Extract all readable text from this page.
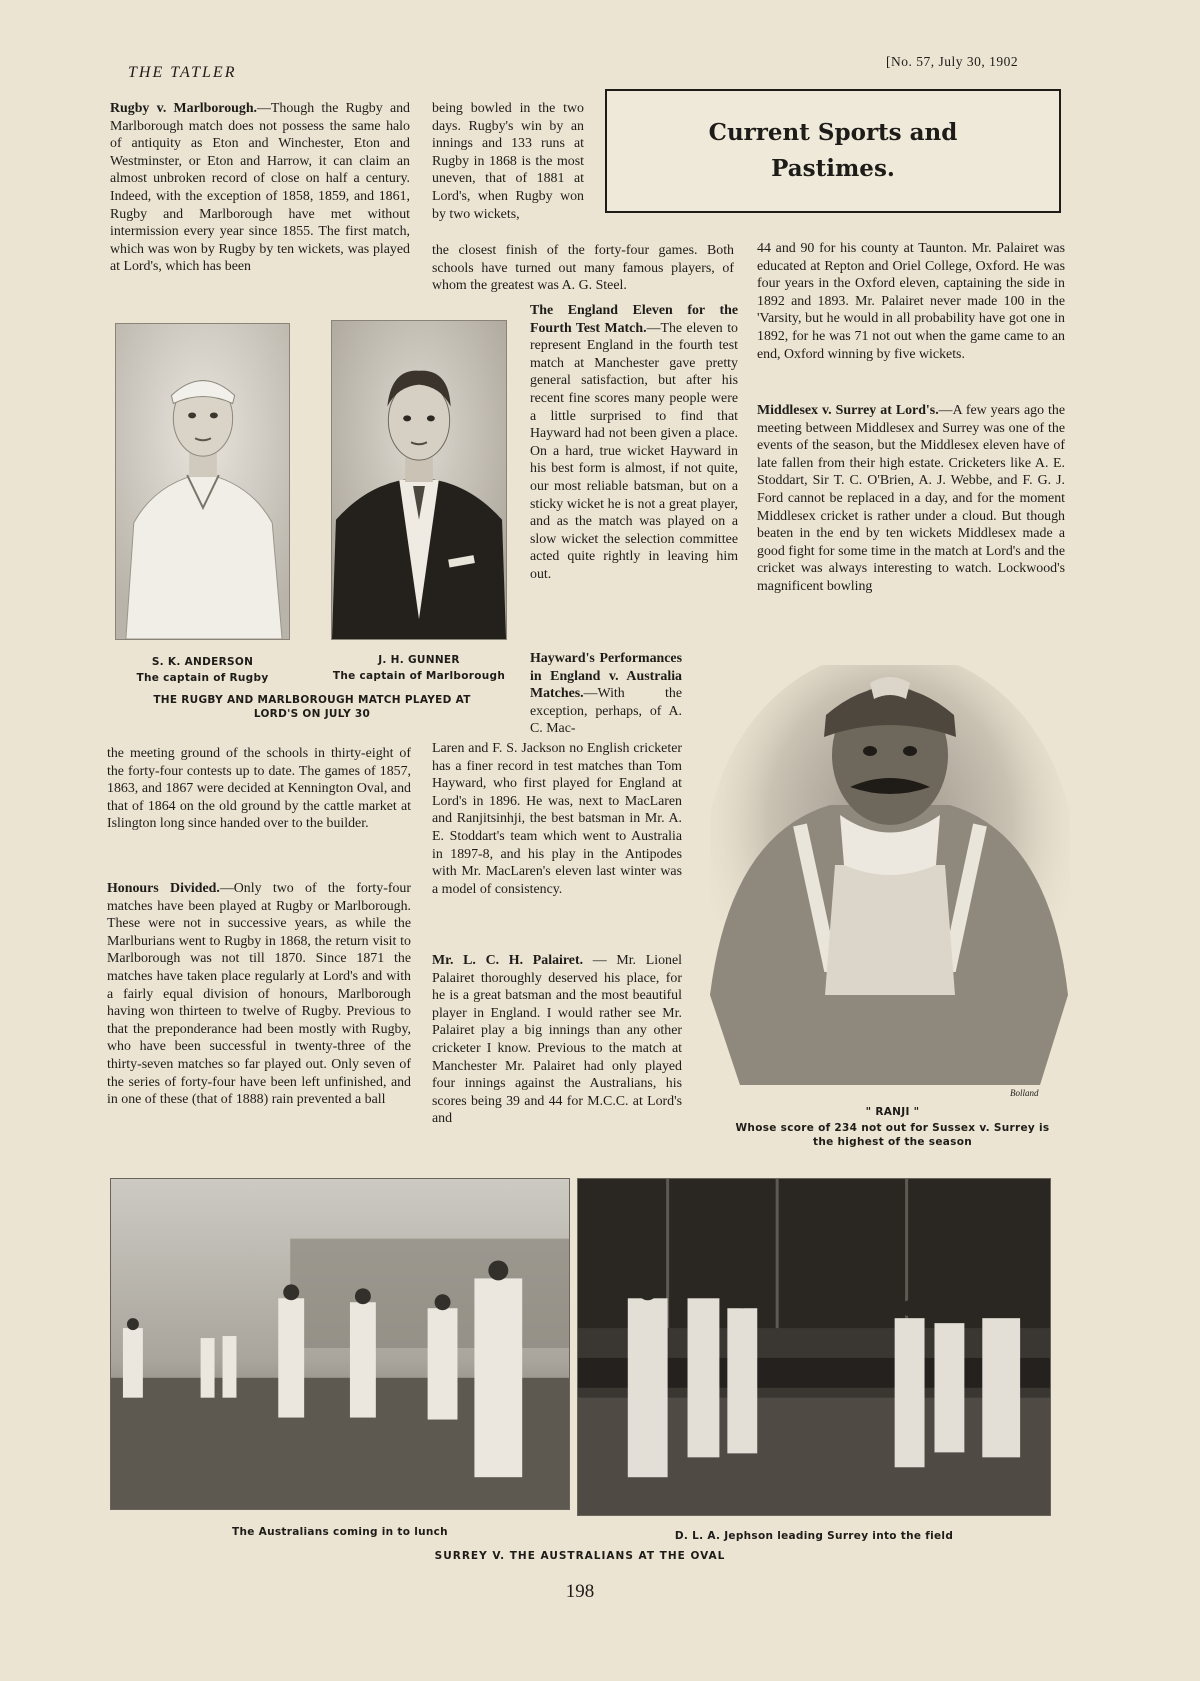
THE TATLER
[No. 57, July 30, 1902
Current Sports and
Pastimes.

Rugby v. Marlborough.—Though the Rugby and Marlborough match does not possess the same halo of antiquity as Eton and Winchester, Eton and Westminster, or Eton and Harrow, it can claim an almost unbroken record of close on half a century. Indeed, with the exception of 1858, 1859, and 1861, Rugby and Marlborough have met without intermission every year since 1855. The first match, which was won by Rugby by ten wickets, was played at Lord's, which has been

being bowled in the two days. Rugby's win by an innings and 133 runs at Rugby in 1868 is the most uneven, that of 1881 at Lord's, when Rugby won by two wickets,

the closest finish of the forty-four games. Both schools have turned out many famous players, of whom the greatest was A. G. Steel.

44 and 90 for his county at Taunton. Mr. Palairet was educated at Repton and Oriel College, Oxford. He was four years in the Oxford eleven, captaining the side in 1892 and 1893. Mr. Palairet never made 100 in the 'Varsity, but he would in all probability have got one in 1892, for he was 71 not out when the game came to an end, Oxford winning by five wickets.

S. K. ANDERSON
The captain of Rugby
J. H. GUNNER
The captain of Marlborough
THE RUGBY AND MARLBOROUGH MATCH PLAYED AT
LORD'S ON JULY 30

The England Eleven for the Fourth Test Match.—The eleven to represent England in the fourth test match at Manchester gave pretty general satisfaction, but after his recent fine scores many people were a little surprised to find that Hayward had not been given a place. On a hard, true wicket Hayward in his best form is almost, if not quite, our most reliable batsman, but on a sticky wicket he is not a great player, and as the match was played on a slow wicket the selection committee acted quite rightly in leaving him out.

Hayward's Performances in England v. Australia Matches.—With the exception, perhaps, of A. C. Mac-

Laren and F. S. Jackson no English cricketer has a finer record in test matches than Tom Hayward, who first played for England at Lord's in 1896. He was, next to MacLaren and Ranjitsinhji, the best batsman in Mr. A. E. Stoddart's team which went to Australia in 1897-8, and his play in the Antipodes with Mr. MacLaren's eleven last winter was a model of consistency.

Mr. L. C. H. Palairet. — Mr. Lionel Palairet thoroughly deserved his place, for he is a great batsman and the most beautiful player in England. I would rather see Mr. Palairet play a big innings than any other cricketer I know. Previous to the match at Manchester Mr. Palairet had only played four innings against the Australians, his scores being 39 and 44 for M.C.C. at Lord's and

the meeting ground of the schools in thirty-eight of the forty-four contests up to date. The games of 1857, 1863, and 1867 were decided at Kennington Oval, and that of 1864 on the old ground by the cattle market at Islington long since handed over to the builder.

Honours Divided.—Only two of the forty-four matches have been played at Rugby or Marlborough. These were not in successive years, as while the Marlburians went to Rugby in 1868, the return visit to Marlborough was not till 1870. Since 1871 the matches have taken place regularly at Lord's and with a fairly equal division of honours, Marlborough having won thirteen to twelve of Rugby. Previous to that the preponderance had been mostly with Rugby, who have been successful in twenty-three of the thirty-seven matches so far played out. Only seven of the series of forty-four have been left unfinished, and in one of these (that of 1888) rain prevented a ball

Middlesex v. Surrey at Lord's.—A few years ago the meeting between Middlesex and Surrey was one of the events of the season, but the Middlesex eleven have of late fallen from their high estate. Cricketers like A. E. Stoddart, Sir T. C. O'Brien, A. J. Webbe, and F. G. J. Ford cannot be replaced in a day, and for the moment Middlesex cricket is rather under a cloud. But though beaten in the end by ten wickets Middlesex made a good fight for some time in the match at Lord's and the cricket was always interesting to watch. Lockwood's magnificent bowling

Bolland
" RANJI "
Whose score of 234 not out for Sussex v. Surrey is
the highest of the season
The Australians coming in to lunch	D. L. A. Jephson leading Surrey into the field
SURREY V. THE AUSTRALIANS AT THE OVAL
198
